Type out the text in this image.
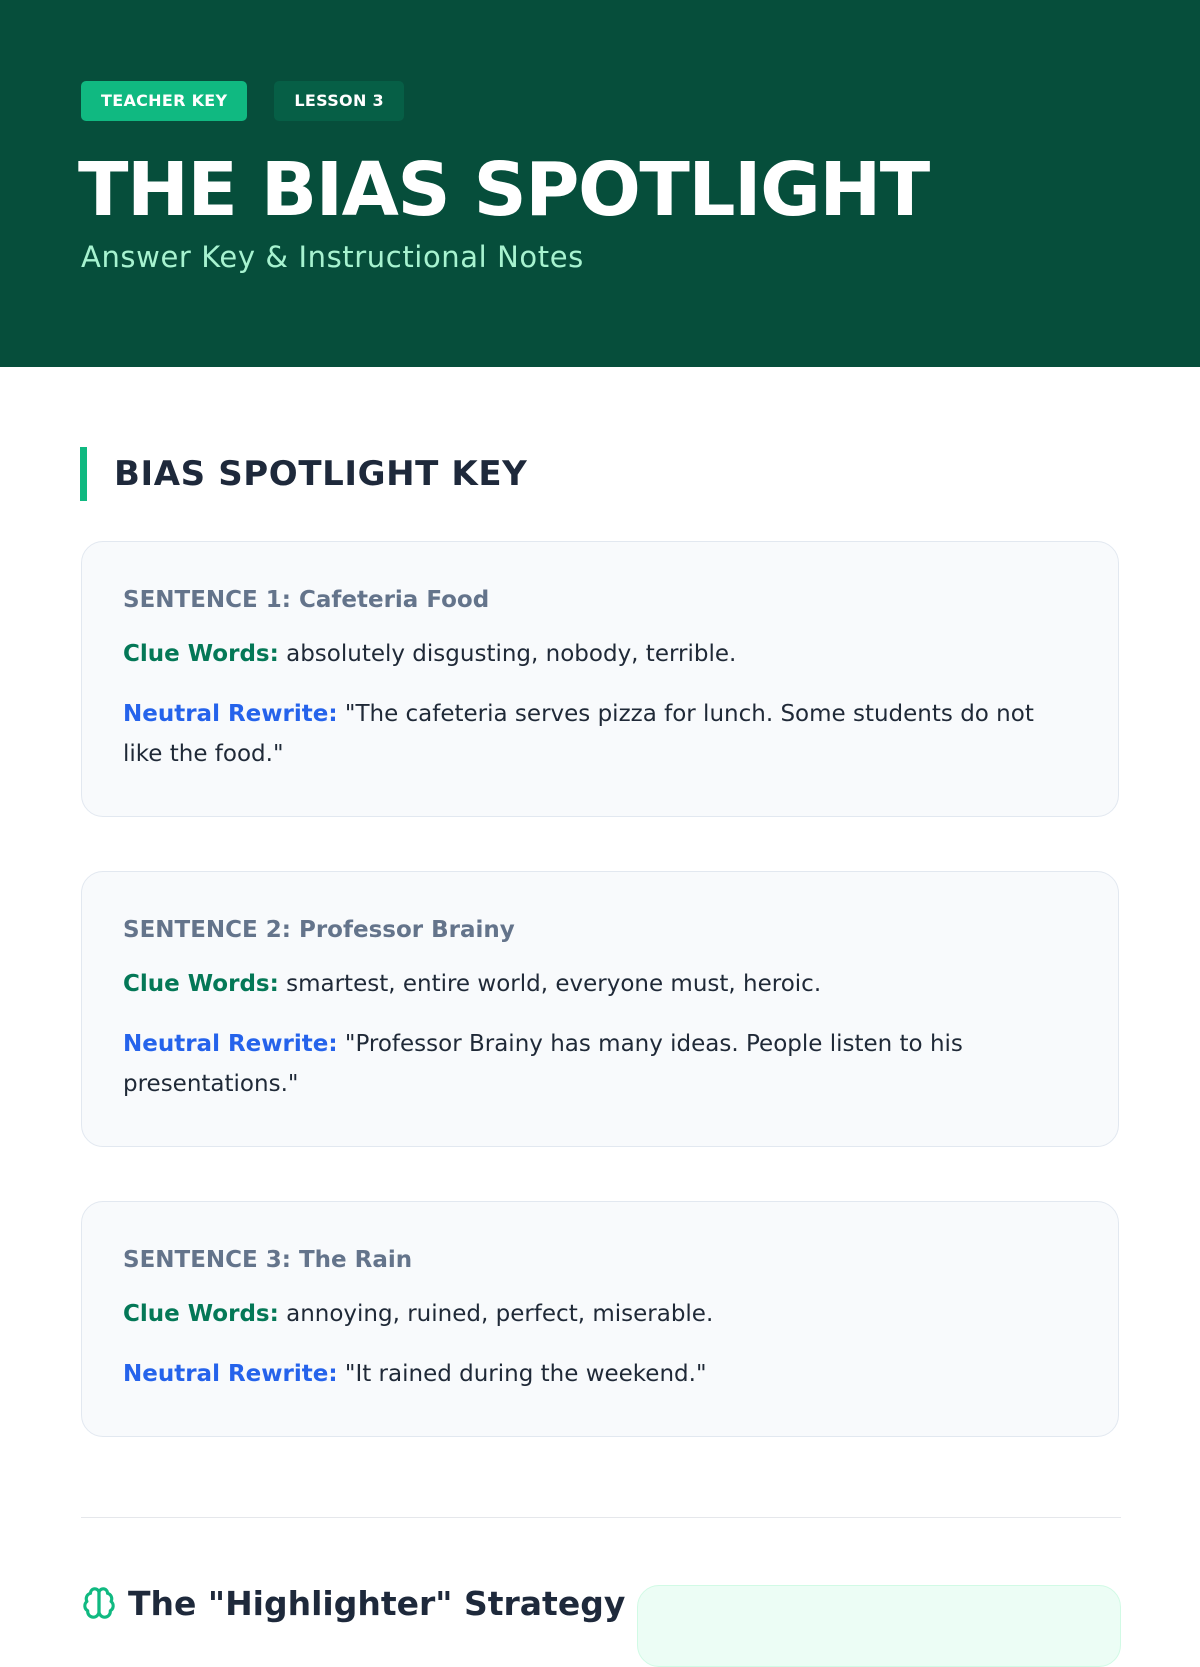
TEACHER KEY	LESSON 3
THE BIAS SPOTLIGHT

Answer Key & Instructional Notes

BIAS SPOTLIGHT KEY
SENTENCE 1: Cafeteria Food

Clue Words: absolutely disgusting, nobody, terrible.

Neutral Rewrite: "The cafeteria serves pizza for lunch. Some students do not like the food."

SENTENCE 2: Professor Brainy

Clue Words: smartest, entire world, everyone must, heroic.

Neutral Rewrite: "Professor Brainy has many ideas. People listen to his presentations."

SENTENCE 3: The Rain

Clue Words: annoying, ruined, perfect, miserable.

Neutral Rewrite: "It rained during the weekend."

The "Highlighter" Strategy
